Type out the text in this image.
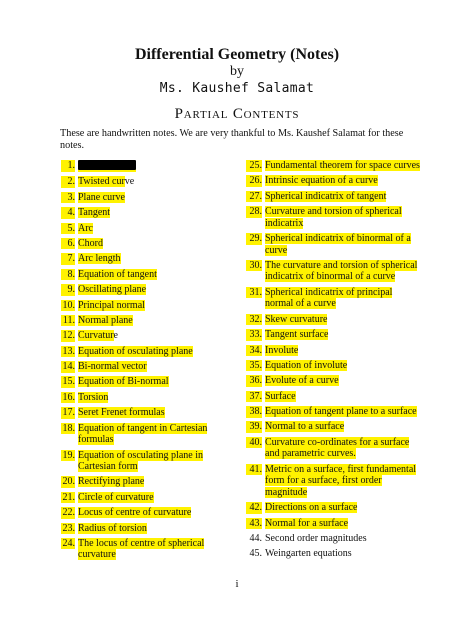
Differential Geometry (Notes)
by
Ms. Kaushef Salamat
Partial Contents
These are handwritten notes. We are very thankful to Ms. Kaushef Salamat for these notes.
1.
2. Twisted curve
3. Plane curve
4. Tangent
5. Arc
6. Chord
7. Arc length
8. Equation of tangent
9. Oscillating plane
10. Principal normal
11. Normal plane
12. Curvature
13. Equation of osculating plane
14. Bi-normal vector
15. Equation of Bi-normal
16. Torsion
17. Seret Frenet formulas
18. Equation of tangent in Cartesian formulas
19. Equation of osculating plane in Cartesian form
20. Rectifying plane
21. Circle of curvature
22. Locus of centre of curvature
23. Radius of torsion
24. The locus of centre of spherical curvature
25. Fundamental theorem for space curves
26. Intrinsic equation of a curve
27. Spherical indicatrix of tangent
28. Curvature and torsion of spherical indicatrix
29. Spherical indicatrix of binormal of a curve
30. The curvature and torsion of spherical indicatrix of binormal of a curve
31. Spherical indicatrix of principal normal of a curve
32. Skew curvature
33. Tangent surface
34. Involute
35. Equation of involute
36. Evolute of a curve
37. Surface
38. Equation of tangent plane to a surface
39. Normal to a surface
40. Curvature co-ordinates for a surface and parametric curves.
41. Metric on a surface, first fundamental form for a surface, first order magnitude
42. Directions on a surface
43. Normal for a surface
44. Second order magnitudes
45. Weingarten equations
i
